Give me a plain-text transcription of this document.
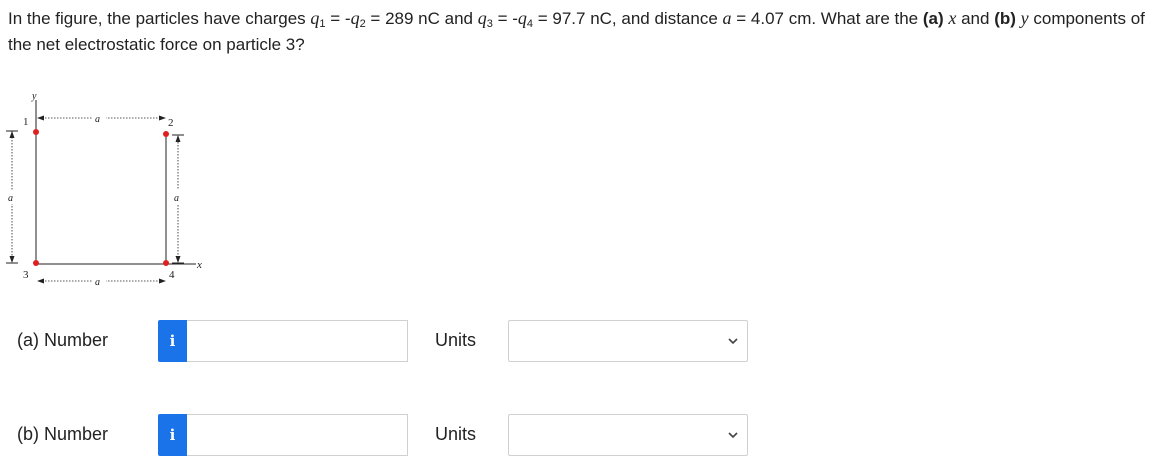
In the figure, the particles have charges $q_1 = -q_2 = 289$ nC and $q_3 = -q_4 = 97.7$ nC, and distance a = 4.07 cm. What are the (a) x and (b) y components of the net electrostatic force on particle 3?
y
x
a
a
a	a
1	2
3	4
(a) Number	i	Units
(b) Number	i	Units
